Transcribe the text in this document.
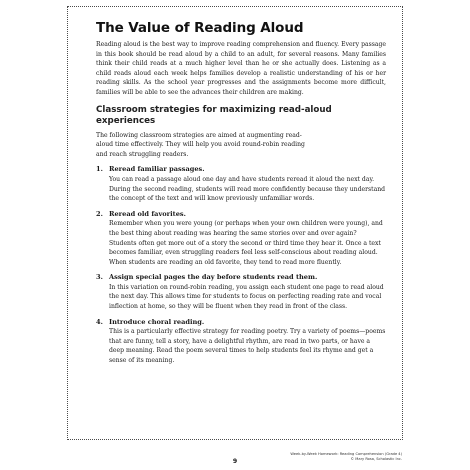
The Value of Reading Aloud

Reading aloud is the best way to improve reading comprehension and fluency. Every passage in this book should be read aloud by a child to an adult, for several reasons. Many families think their child reads at a much higher level than he or she actually does. Listening as a child reads aloud each week helps families develop a realistic understanding of his or her reading skills. As the school year progresses and the assignments become more difficult, families will be able to see the advances their children are making.

Classroom strategies for maximizing read-aloud experiences

The following classroom strategies are aimed at augmenting read-aloud time effectively. They will help you avoid round-robin reading and reach struggling readers.

1. Reread familiar passages.
You can read a passage aloud one day and have students reread it aloud the next day. During the second reading, students will read more confidently because they understand the concept of the text and will know previously unfamiliar words.
2. Reread old favorites.
Remember when you were young (or perhaps when your own children were young), and the best thing about reading was hearing the same stories over and over again? Students often get more out of a story the second or third time they hear it. Once a text becomes familiar, even struggling readers feel less self-conscious about reading aloud. When students are reading an old favorite, they tend to read more fluently.
3. Assign special pages the day before students read them.
In this variation on round-robin reading, you assign each student one page to read aloud the next day. This allows time for students to focus on perfecting reading rate and vocal inflection at home, so they will be fluent when they read in front of the class.
4. Introduce choral reading.
This is a particularly effective strategy for reading poetry. Try a variety of poems—poems that are funny, tell a story, have a delightful rhythm, are read in two parts, or have a deep meaning. Read the poem several times to help students feel its rhyme and get a sense of its meaning.
9
Week-by-Week Homework: Reading Comprehension (Grade 4)
© Mary Rosa, Scholastic Inc.
